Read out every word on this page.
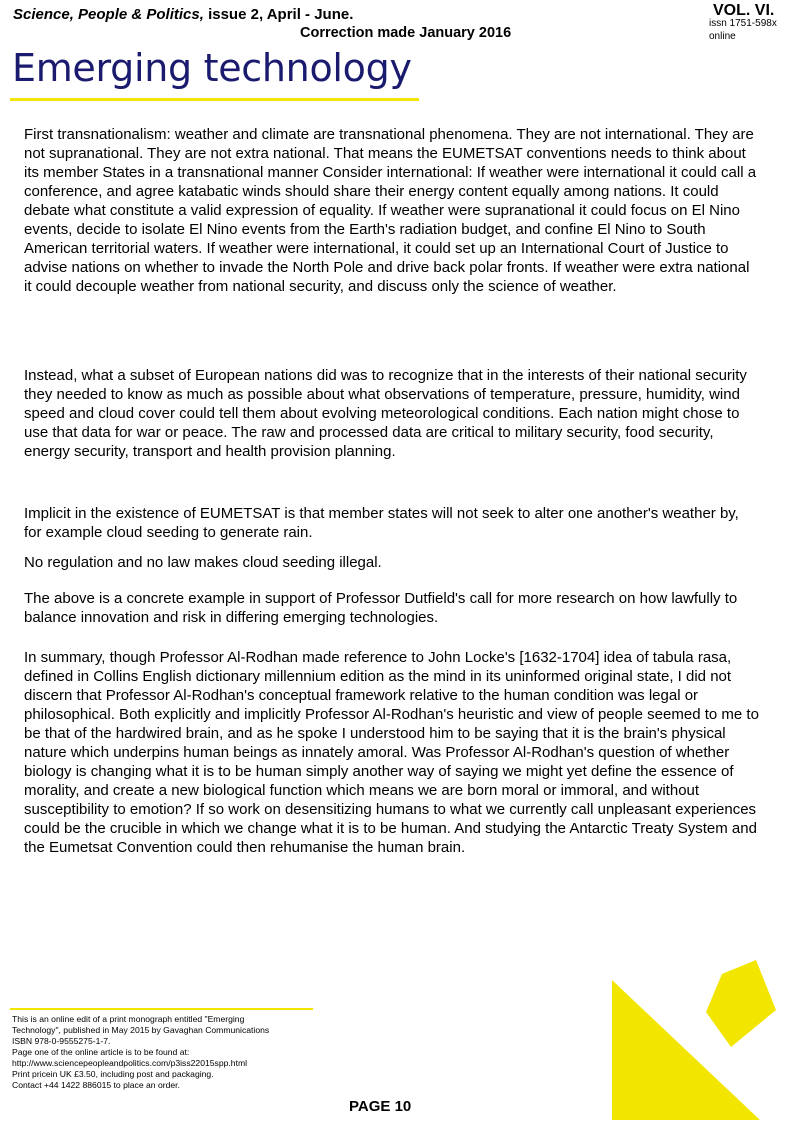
Science, People & Politics, issue 2, April - June.
Correction made January 2016
VOL. VI.
issn 1751-598x
online
Emerging technology

First transnationalism: weather and climate are transnational phenomena. They are not international. They are not supranational. They are not extra national. That means the EUMETSAT conventions needs to think about its member States in a transnational manner Consider international: If weather were international it could call a conference, and agree katabatic winds should share their energy content equally among nations. It could debate what constitute a valid expression of equality. If weather were supranational it could focus on El Nino events, decide to isolate El Nino events from the Earth's radiation budget, and confine El Nino to South American territorial waters. If weather were international, it could set up an International Court of Justice to advise nations on whether to invade the North Pole and drive back polar fronts. If weather were extra national it could decouple weather from national security, and discuss only the science of weather.

Instead, what a subset of European nations did was to recognize that in the interests of their national security they needed to know as much as possible about what observations of temperature, pressure, humidity, wind speed and cloud cover could tell them about evolving meteorological conditions. Each nation might chose to use that data for war or peace. The raw and processed data are critical to military security, food security, energy security, transport and health provision planning.

Implicit in the existence of EUMETSAT is that member states will not seek to alter one another's weather by, for example cloud seeding to generate rain.

No regulation and no law makes cloud seeding illegal.

The above is a concrete example in support of Professor Dutfield's call for more research on how lawfully to balance innovation and risk in differing emerging technologies.

In summary, though Professor Al-Rodhan made reference to John Locke's [1632-1704] idea of tabula rasa, defined in Collins English dictionary millennium edition as the mind in its uninformed original state, I did not discern that Professor Al-Rodhan's conceptual framework relative to the human condition was legal or philosophical. Both explicitly and implicitly Professor Al-Rodhan's heuristic and view of people seemed to me to be that of the hardwired brain, and as he spoke I understood him to be saying that it is the brain's physical nature which underpins human beings as innately amoral. Was Professor Al-Rodhan's question of whether biology is changing what it is to be human simply another way of saying we might yet define the essence of morality, and create a new biological function which means we are born moral or immoral, and without susceptibility to emotion? If so work on desensitizing humans to what we currently call unpleasant experiences could be the crucible in which we change what it is to be human. And studying the Antarctic Treaty System and the Eumetsat Convention could then rehumanise the human brain.

This is an online edit of a print monograph entitled "Emerging
Technology", published in May 2015 by Gavaghan Communications
ISBN 978-0-9555275-1-7.
Page one of the online article is to be found at:
http://www.sciencepeopleandpolitics.com/p3iss22015spp.html
Print pricein UK £3.50, including post and packaging.
Contact +44 1422 886015 to place an order.
PAGE 10
